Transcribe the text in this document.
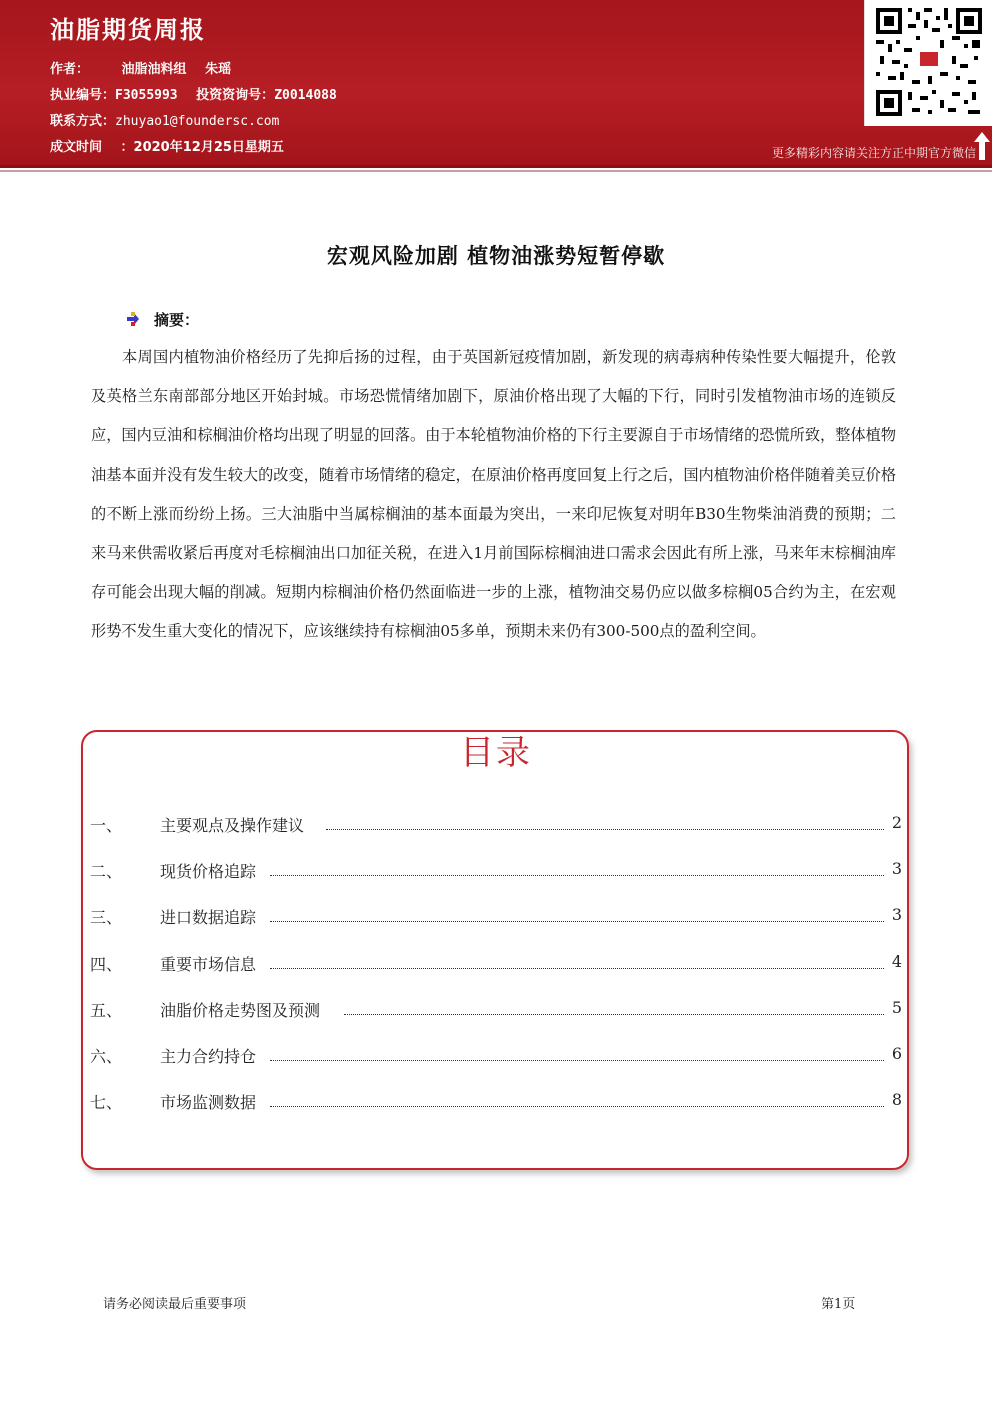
油脂期货周报
作者：	油脂油料组 朱瑶
执业编号：F3055993 投资资询号：Z0014088
联系方式：zhuyao1@foundersc.com
成文时间 ：2020年12月25日星期五	更多精彩内容请关注方正中期官方微信
宏观风险加剧 植物油涨势短暂停歇
摘要：

本周国内植物油价格经历了先抑后扬的过程，由于英国新冠疫情加剧，新发现的病毒病种传染性要大幅提升，伦敦及英格兰东南部部分地区开始封城。市场恐慌情绪加剧下，原油价格出现了大幅的下行，同时引发植物油市场的连锁反应，国内豆油和棕榈油价格均出现了明显的回落。由于本轮植物油价格的下行主要源自于市场情绪的恐慌所致，整体植物油基本面并没有发生较大的改变，随着市场情绪的稳定，在原油价格再度回复上行之后，国内植物油价格伴随着美豆价格的不断上涨而纷纷上扬。三大油脂中当属棕榈油的基本面最为突出，一来印尼恢复对明年B30生物柴油消费的预期；二来马来供需收紧后再度对毛棕榈油出口加征关税，在进入1月前国际棕榈油进口需求会因此有所上涨，马来年末棕榈油库存可能会出现大幅的削减。短期内棕榈油价格仍然面临进一步的上涨，植物油交易仍应以做多棕榈05合约为主，在宏观形势不发生重大变化的情况下，应该继续持有棕榈油05多单，预期未来仍有300-500点的盈利空间。

目录
一、 主要观点及操作建议	2
二、 现货价格追踪	3
三、 进口数据追踪	3
四、 重要市场信息	4
五、 油脂价格走势图及预测	5
六、 主力合约持仓	6
七、 市场监测数据	8
请务必阅读最后重要事项	第1页
